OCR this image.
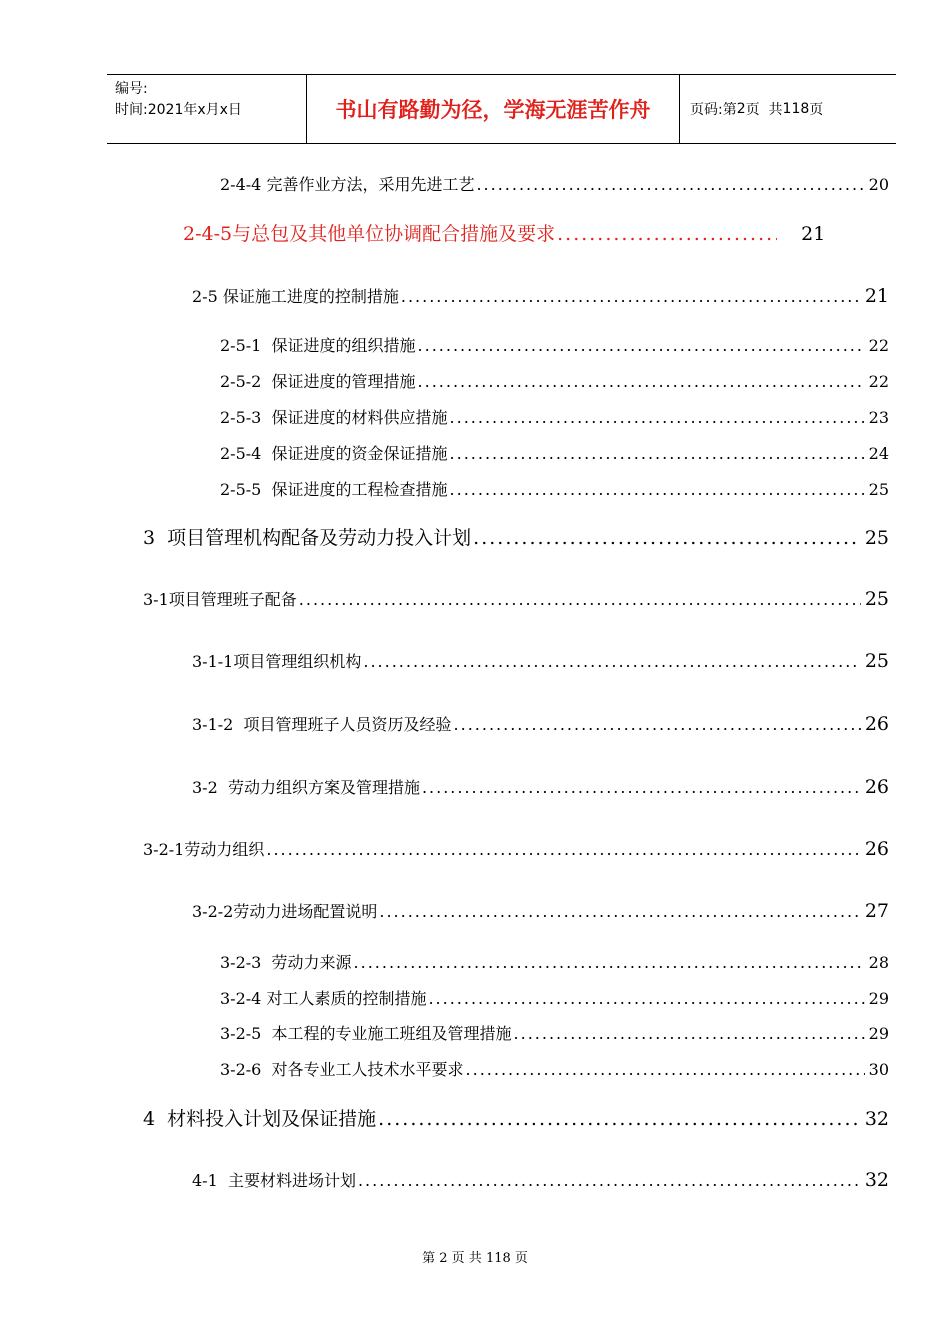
编号:
时间:2021年x月x日	书山有路勤为径，学海无涯苦作舟	页码:第 2 页  共 118 页
2-4-4 完善作业方法，采用先进工艺 .....	20
2-4-5与总包及其他单位协调配合措施及要求 .....	21
2-5 保证施工进度的控制措施 .....	21
2-5-1  保证进度的组织措施 .....	22
2-5-2  保证进度的管理措施 .....	22
2-5-3  保证进度的材料供应措施 .....	23
2-5-4  保证进度的资金保证措施 .....	24
2-5-5  保证进度的工程检查措施 .....	25
3  项目管理机构配备及劳动力投入计划 .....	25
3-1项目管理班子配备 .....	25
3-1-1项目管理组织机构 .....	25
3-1-2  项目管理班子人员资历及经验 .....	26
3-2  劳动力组织方案及管理措施 .....	26
3-2-1劳动力组织 .....	26
3-2-2劳动力进场配置说明 .....	27
3-2-3  劳动力来源 .....	28
3-2-4 对工人素质的控制措施 .....	29
3-2-5  本工程的专业施工班组及管理措施 .....	29
3-2-6  对各专业工人技术水平要求 .....	30
4  材料投入计划及保证措施 .....	32
4-1  主要材料进场计划 .....	32
第 2 页 共 118 页
